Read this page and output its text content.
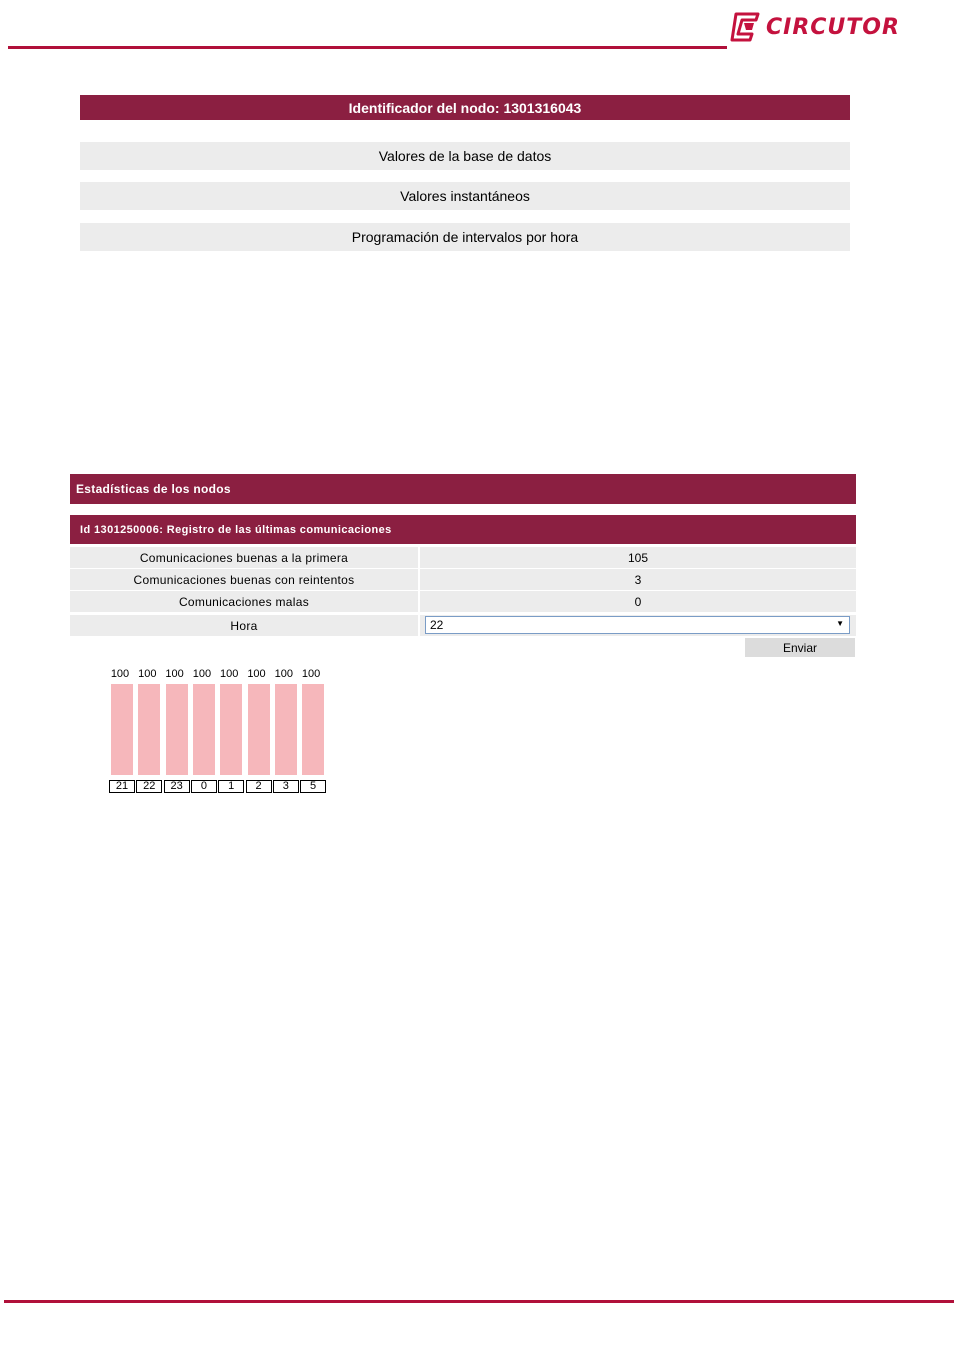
CIRCUTOR
Identificador del nodo: 1301316043
Valores de la base de datos
Valores instantáneos
Programación de intervalos por hora
Estadísticas de los nodos
Id 1301250006: Registro de las últimas comunicaciones
Comunicaciones buenas a la primera	105
Comunicaciones buenas con reintentos	3
Comunicaciones malas	0
Hora	22	▼
Enviar
100
21
100
22
100
23
100
0
100
1
100
2
100
3
100
5
